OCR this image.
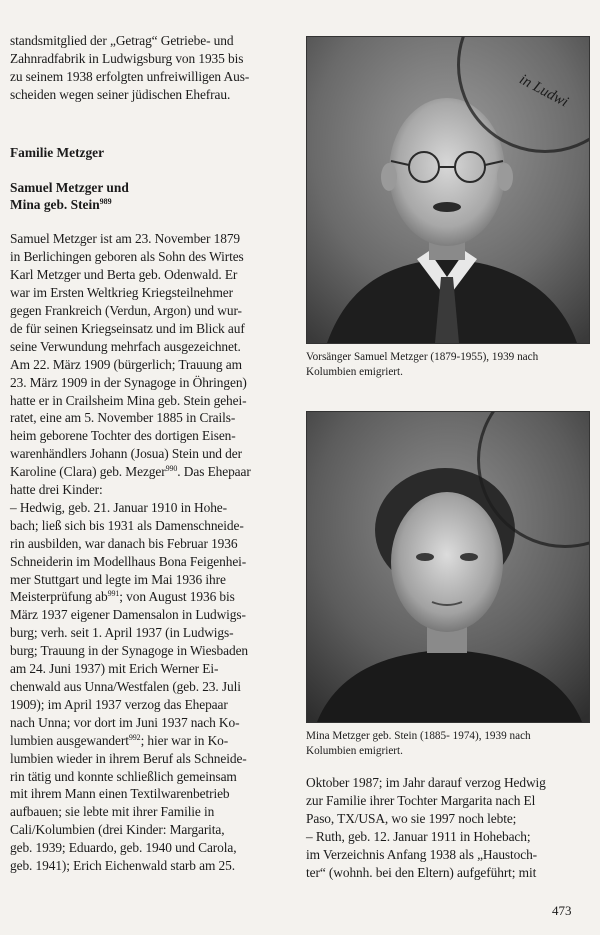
standsmitglied der „Getrag“ Getriebe- und
Zahnradfabrik in Ludwigsburg von 1935 bis
zu seinem 1938 erfolgten unfreiwilligen Aus-
scheiden wegen seiner jüdischen Ehefrau.

Familie Metzger

Samuel Metzger und
Mina geb. Stein$^{989}$

Samuel Metzger ist am 23. November 1879
in Berlichingen geboren als Sohn des Wirtes
Karl Metzger und Berta geb. Odenwald. Er
war im Ersten Weltkrieg Kriegsteilnehmer
gegen Frankreich (Verdun, Argon) und wur-
de für seinen Kriegseinsatz und im Blick auf
seine Verwundung mehrfach ausgezeichnet.
Am 22. März 1909 (bürgerlich; Trauung am
23. März 1909 in der Synagoge in Öhringen)
hatte er in Crailsheim Mina geb. Stein gehei-
ratet, eine am 5. November 1885 in Crails-
heim geborene Tochter des dortigen Eisen-
warenhändlers Johann (Josua) Stein und der
Karoline (Clara) geb. Mezger$^{990}$. Das Ehepaar
hatte drei Kinder:
– Hedwig, geb. 21. Januar 1910 in Hohe-
bach; ließ sich bis 1931 als Damenschneide-
rin ausbilden, war danach bis Februar 1936
Schneiderin im Modellhaus Bona Feigenhei-
mer Stuttgart und legte im Mai 1936 ihre
Meisterprüfung $ab^{991}$; von August 1936 bis
März 1937 eigener Damensalon in Ludwigs-
burg; verh. seit 1. April 1937 (in Ludwigs-
burg; Trauung in der Synagoge in Wiesbaden
am 24. Juni 1937) mit Erich Werner Ei-
chenwald aus Unna/Westfalen (geb. 23. Juli
1909); im April 1937 verzog das Ehepaar
nach Unna; vor dort im Juni 1937 nach Ko-
lumbien ausgewandert$^{992}$; hier war in Ko-
lumbien wieder in ihrem Beruf als Schneide-
rin tätig und konnte schließlich gemeinsam
mit ihrem Mann einen Textilwarenbetrieb
aufbauen; sie lebte mit ihrer Familie in
Cali/Kolumbien (drei Kinder: Margarita,
geb. 1939; Eduardo, geb. 1940 und Carola,
geb. 1941); Erich Eichenwald starb am 25.

in Ludwi

Vorsänger Samuel Metzger (1879-1955), 1939 nach
Kolumbien emigriert.

Mina Metzger geb. Stein (1885- 1974), 1939 nach
Kolumbien emigriert.

Oktober 1987; im Jahr darauf verzog Hedwig
zur Familie ihrer Tochter Margarita nach El
Paso, TX/USA, wo sie 1997 noch lebte;
– Ruth, geb. 12. Januar 1911 in Hohebach;
im Verzeichnis Anfang 1938 als „Haustoch-
ter“ (wohnh. bei den Eltern) aufgeführt; mit

473
